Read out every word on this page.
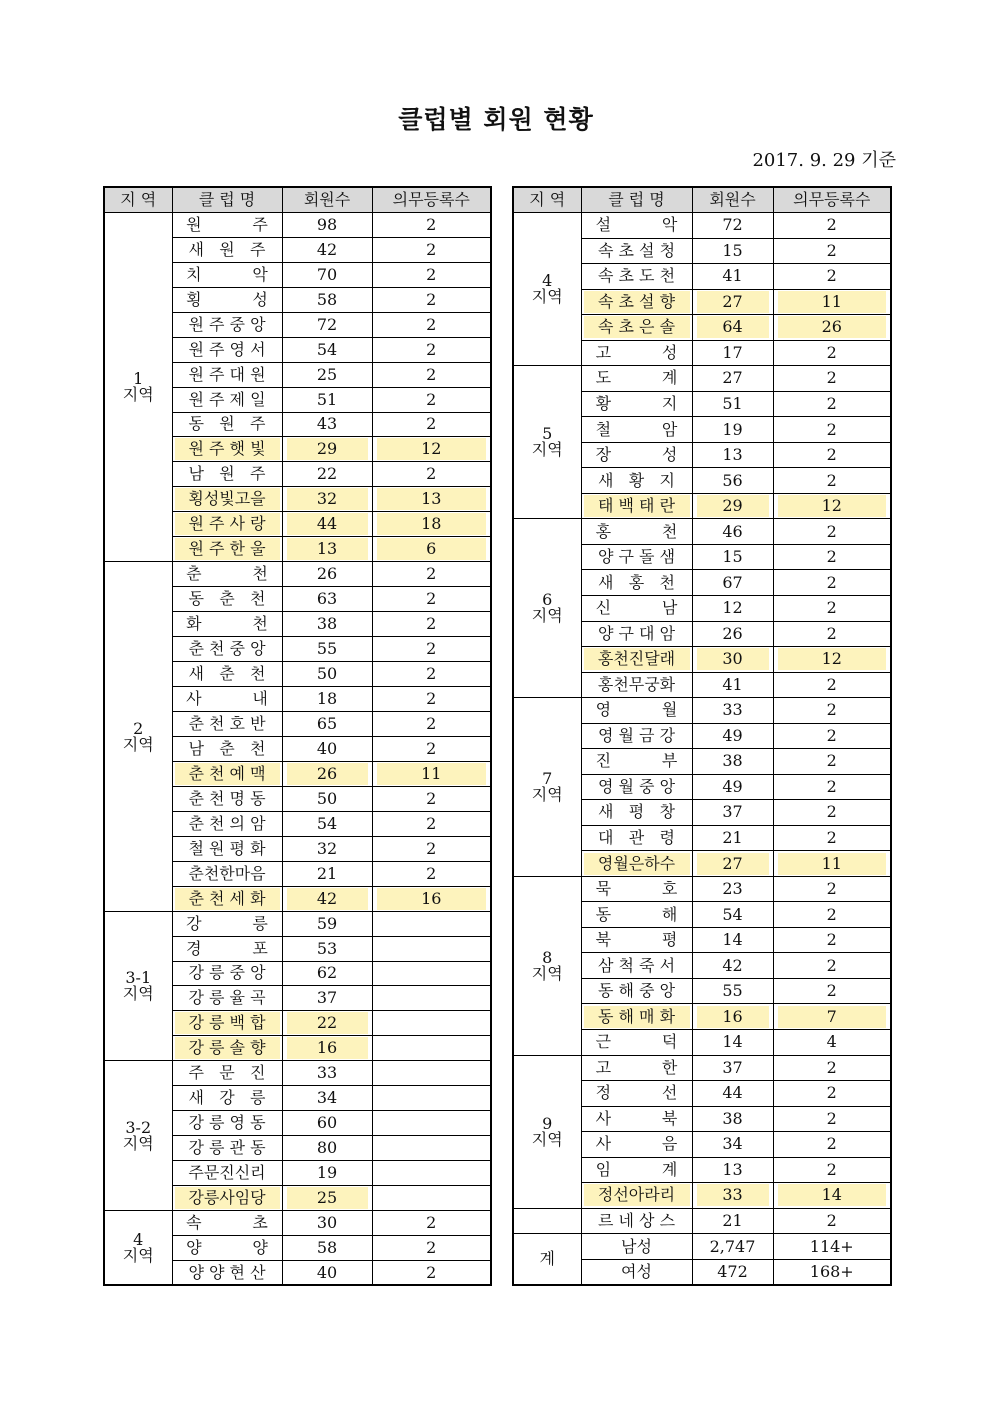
클럽별 회원 현황
2017. 9. 29 기준
지 역	클 럽 명	회원수	의무등록수

1
지역	원          주	98	2
	새   원   주	42	2
	치          악	70	2
	횡          성	58	2
	원 주 중 앙	72	2
	원 주 영 서	54	2
	원 주 대 원	25	2
	원 주 제 일	51	2
	동   원   주	43	2

	원 주 햇 빛	29	12

	남   원   주	22	2

	횡성빛고을	32	13

	원 주 사 랑	44	18

	원 주 한 울	13	6

2
지역	춘          천	26	2
	동   춘   천	63	2
	화          천	38	2
	춘 천 중 앙	55	2
	새   춘   천	50	2
	사          내	18	2
	춘 천 호 반	65	2
	남   춘   천	40	2

	춘 천 예 맥	26	11

	춘 천 명 동	50	2
	춘 천 의 암	54	2
	철 원 평 화	32	2
	춘천한마음	21	2

	춘 천 세 화	42	16

3-1
지역	강          릉	59	
	경          포	53	
	강 릉 중 앙	62	
	강 릉 율 곡	37	

	강 릉 백 합	22	

	강 릉 솔 향	16	

3-2
지역	주   문   진	33	
	새   강   릉	34	
	강 릉 영 동	60	
	강 릉 관 동	80	
	주문진신리	19	

	강릉사임당	25	

4
지역	속          초	30	2
	양          양	58	2
	양 양 현 산	40	2
지 역	클 럽 명	회원수	의무등록수

4
지역	설          악	72	2
	속 초 설 청	15	2
	속 초 도 천	41	2

	속 초 설 향	27	11

	속 초 은 솔	64	26

	고          성	17	2

5
지역	도          계	27	2
	황          지	51	2
	철          암	19	2
	장          성	13	2
	새   황   지	56	2

	태 백 태 란	29	12

6
지역	홍          천	46	2
	양 구 돌 샘	15	2
	새   홍   천	67	2
	신          남	12	2
	양 구 대 암	26	2

	홍천진달래	30	12

	홍천무궁화	41	2

7
지역	영          월	33	2
	영 월 금 강	49	2
	진          부	38	2
	영 월 중 앙	49	2
	새   평   창	37	2
	대   관   령	21	2

	영월은하수	27	11

8
지역	묵          호	23	2
	동          해	54	2
	북          평	14	2
	삼 척 죽 서	42	2
	동 해 중 앙	55	2

	동 해 매 화	16	7

	근          덕	14	4

9
지역	고          한	37	2
	정          선	44	2
	사          북	38	2
	사          음	34	2
	임          계	13	2

	정선아라리	33	14

	르 네 상 스	21	2

계	남성	2,747	114+
	여성	472	168+
